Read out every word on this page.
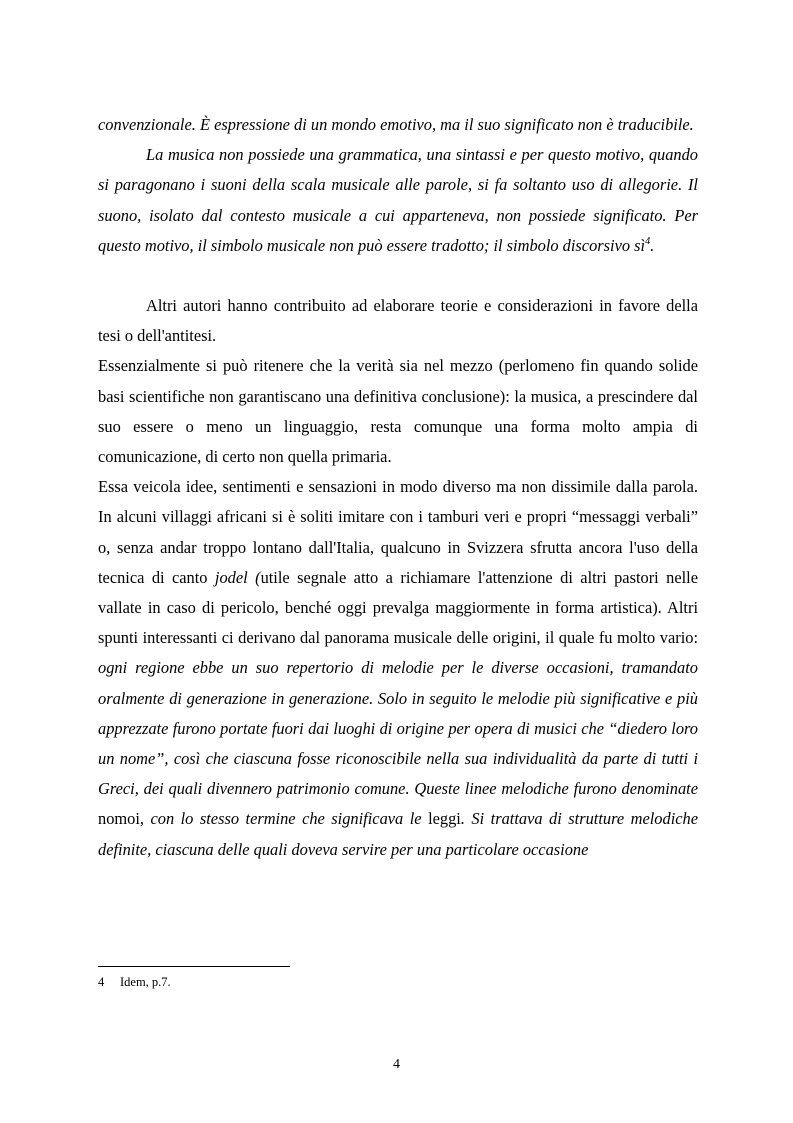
convenzionale. È espressione di un mondo emotivo, ma il suo significato non è traducibile.

La musica non possiede una grammatica, una sintassi e per questo motivo, quando si paragonano i suoni della scala musicale alle parole, si fa soltanto uso di allegorie. Il suono, isolato dal contesto musicale a cui apparteneva, non possiede significato. Per questo motivo, il simbolo musicale non può essere tradotto; il simbolo discorsivo $sì^4$.

Altri autori hanno contribuito ad elaborare teorie e considerazioni in favore della tesi o dell'antitesi.

Essenzialmente si può ritenere che la verità sia nel mezzo (perlomeno fin quando solide basi scientifiche non garantiscano una definitiva conclusione): la musica, a prescindere dal suo essere o meno un linguaggio, resta comunque una forma molto ampia di comunicazione, di certo non quella primaria.

Essa veicola idee, sentimenti e sensazioni in modo diverso ma non dissimile dalla parola. In alcuni villaggi africani si è soliti imitare con i tamburi veri e propri “messaggi verbali” o, senza andar troppo lontano dall'Italia, qualcuno in Svizzera sfrutta ancora l'uso della tecnica di canto jodel (utile segnale atto a richiamare l'attenzione di altri pastori nelle vallate in caso di pericolo, benché oggi prevalga maggiormente in forma artistica). Altri spunti interessanti ci derivano dal panorama musicale delle origini, il quale fu molto vario: ogni regione ebbe un suo repertorio di melodie per le diverse occasioni, tramandato oralmente di generazione in generazione. Solo in seguito le melodie più significative e più apprezzate furono portate fuori dai luoghi di origine per opera di musici che “diedero loro un nome”, così che ciascuna fosse riconoscibile nella sua individualità da parte di tutti i Greci, dei quali divennero patrimonio comune. Queste linee melodiche furono denominate nomoi, con lo stesso termine che significava le leggi. Si trattava di strutture melodiche definite, ciascuna delle quali doveva servire per una particolare occasione

4 Idem, p.7.
4
